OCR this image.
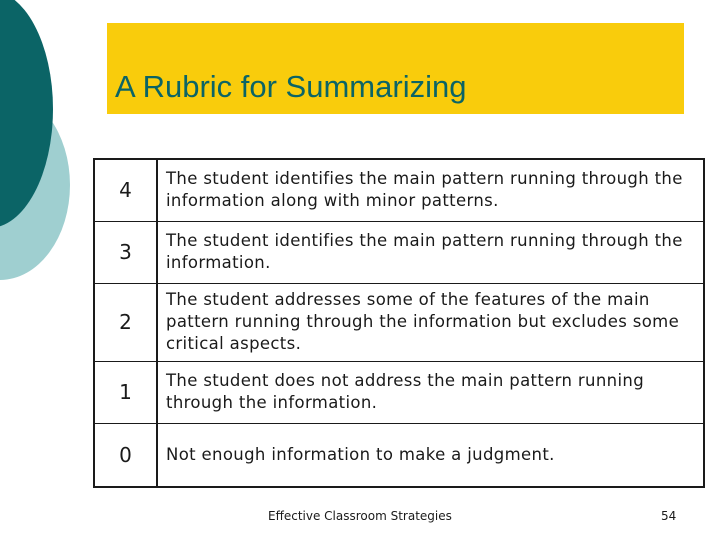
A Rubric for Summarizing
4	The student identifies the main pattern running through the information along with minor patterns.
3	The student identifies the main pattern running through the information.
2	The student addresses some of the features of the main pattern running through the information but excludes some critical aspects.
1	The student does not address the main pattern running through the information.
0	Not enough information to make a judgment.
Effective Classroom Strategies	54
